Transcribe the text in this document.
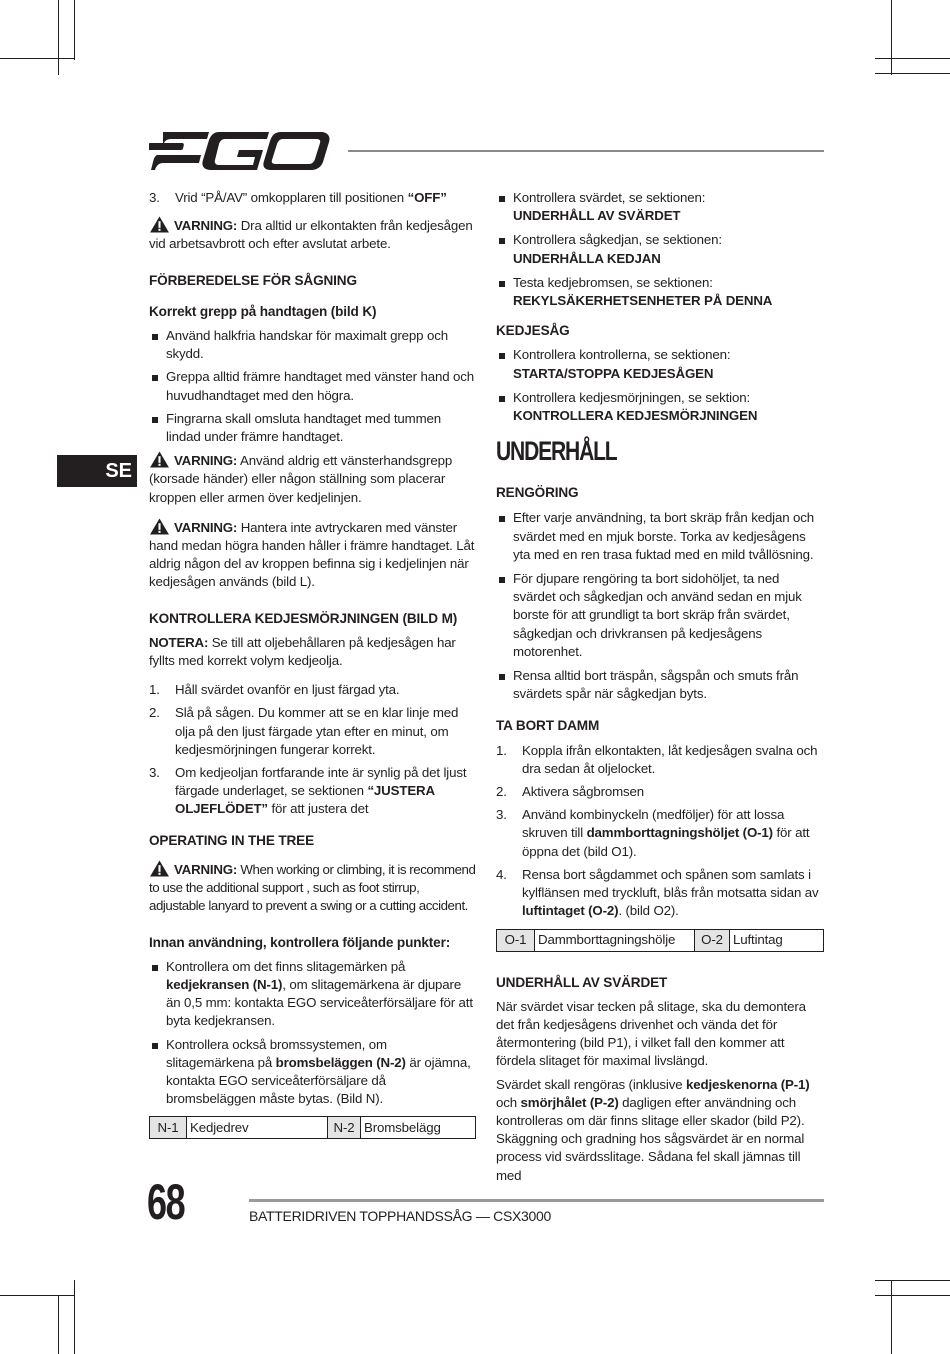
SE
3. Vrid “PÅ/AV” omkopplaren till positionen “OFF”

VARNING: Dra alltid ur elkontakten från kedjesågen vid arbetsavbrott och efter avslutat arbete.

FÖRBEREDELSE FÖR SÅGNING

Korrekt grepp på handtagen (bild K)

Använd halkfria handskar för maximalt grepp och skydd.
Greppa alltid främre handtaget med vänster hand och huvudhandtaget med den högra.
Fingrarna skall omsluta handtaget med tummen lindad under främre handtaget.

VARNING: Använd aldrig ett vänsterhandsgrepp (korsade händer) eller någon ställning som placerar kroppen eller armen över kedjelinjen.

VARNING: Hantera inte avtryckaren med vänster hand medan högra handen håller i främre handtaget. Låt aldrig någon del av kroppen befinna sig i kedjelinjen när kedjesågen används (bild L).

KONTROLLERA KEDJESMÖRJNINGEN (BILD M)

NOTERA: Se till att oljebehållaren på kedjesågen har fyllts med korrekt volym kedjeolja.

1. Håll svärdet ovanför en ljust färgad yta.
2. Slå på sågen. Du kommer att se en klar linje med olja på den ljust färgade ytan efter en minut, om kedjesmörjningen fungerar korrekt.
3. Om kedjeoljan fortfarande inte är synlig på det ljust färgade underlaget, se sektionen “JUSTERA OLJEFLÖDET” för att justera det

OPERATING IN THE TREE

VARNING: When working or climbing, it is recommend to use the additional support , such as foot stirrup, adjustable lanyard to prevent a swing or a cutting accident.

Innan användning, kontrollera följande punkter:

Kontrollera om det finns slitagemärken på kedjekransen (N-1), om slitagemärkena är djupare än 0,5 mm: kontakta EGO serviceåterförsäljare för att byta kedjekransen.
Kontrollera också bromssystemen, om slitagemärkena på bromsbeläggen (N-2) är ojämna, kontakta EGO serviceåterförsäljare då bromsbeläggen måste bytas. (Bild N).
N-1	Kedjedrev	N-2	Bromsbelägg
Kontrollera svärdet, se sektionen:
UNDERHÅLL AV SVÄRDET
Kontrollera sågkedjan, se sektionen:
UNDERHÅLLA KEDJAN
Testa kedjebromsen, se sektionen:
REKYLSÄKERHETSENHETER PÅ DENNA

KEDJESÅG

Kontrollera kontrollerna, se sektionen:
STARTA/STOPPA KEDJESÅGEN
Kontrollera kedjesmörjningen, se sektion:
KONTROLLERA KEDJESMÖRJNINGEN
UNDERHÅLL

RENGÖRING

Efter varje användning, ta bort skräp från kedjan och svärdet med en mjuk borste. Torka av kedjesågens yta med en ren trasa fuktad med en mild tvållösning.
För djupare rengöring ta bort sidohöljet, ta ned svärdet och sågkedjan och använd sedan en mjuk borste för att grundligt ta bort skräp från svärdet, sågkedjan och drivkransen på kedjesågens motorenhet.
Rensa alltid bort träspån, sågspån och smuts från svärdets spår när sågkedjan byts.

TA BORT DAMM

1. Koppla ifrån elkontakten, låt kedjesågen svalna och dra sedan åt oljelocket.
2. Aktivera sågbromsen
3. Använd kombinyckeln (medföljer) för att lossa skruven till dammborttagningshöljet (O-1) för att öppna det (bild O1).
4. Rensa bort sågdammet och spånen som samlats i kylflänsen med tryckluft, blås från motsatta sidan av luftintaget (O-2). (bild O2).
O-1	Dammborttagningshölje	O-2	Luftintag

UNDERHÅLL AV SVÄRDET

När svärdet visar tecken på slitage, ska du demontera det från kedjesågens drivenhet och vända det för återmontering (bild P1), i vilket fall den kommer att fördela slitaget för maximal livslängd.

Svärdet skall rengöras (inklusive kedjeskenorna (P-1) och smörjhålet (P-2) dagligen efter användning och kontrolleras om där finns slitage eller skador (bild P2). Skäggning och gradning hos sågsvärdet är en normal process vid svärdsslitage. Sådana fel skall jämnas till med

68	BATTERIDRIVEN TOPPHANDSSÅG — CSX3000
